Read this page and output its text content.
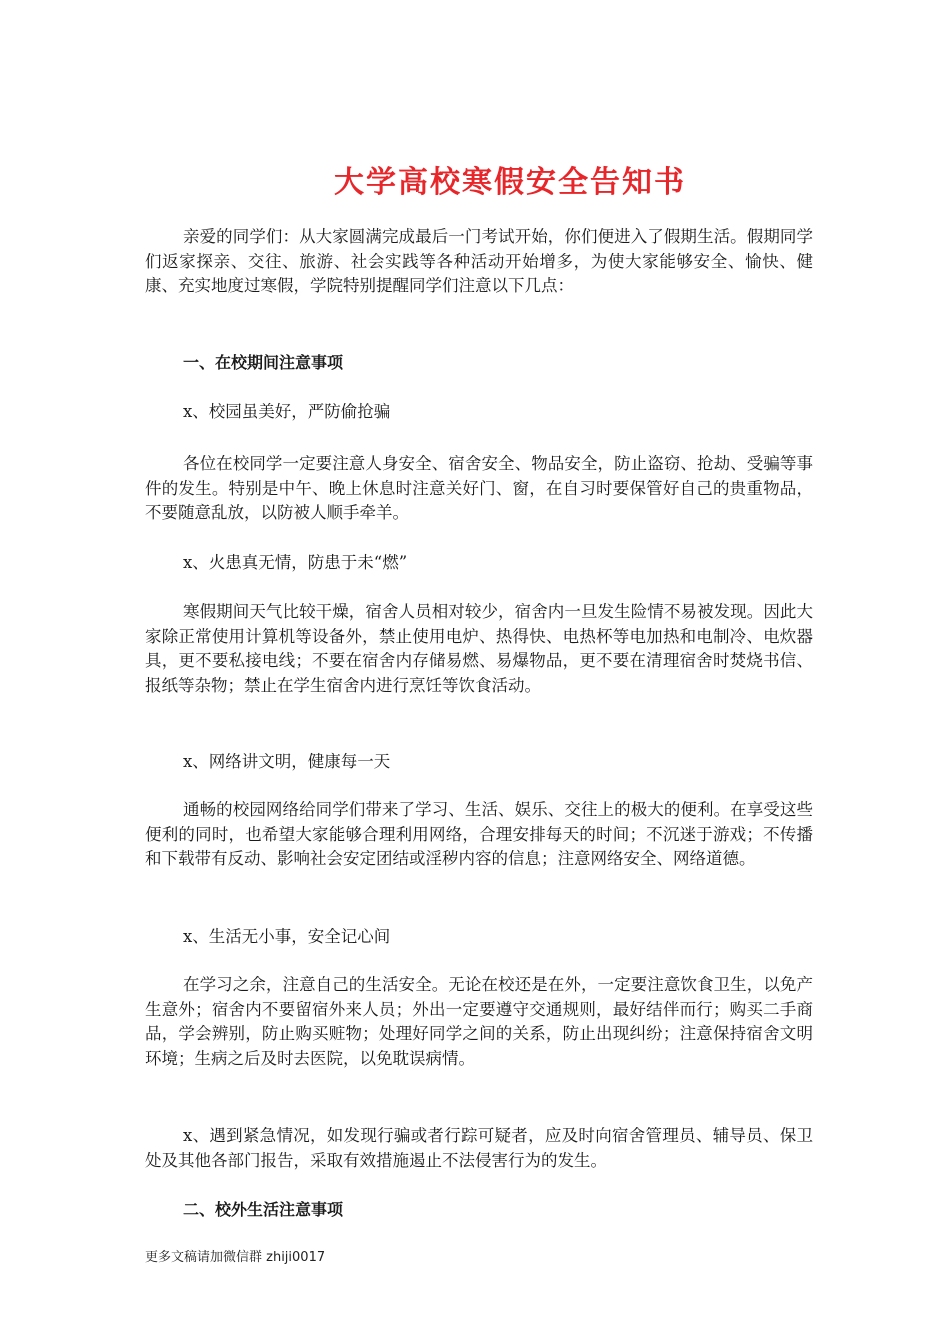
大学高校寒假安全告知书
亲爱的同学们：从大家圆满完成最后一门考试开始，你们便进入了假期生活。假期同学们返家探亲、交往、旅游、社会实践等各种活动开始增多，为使大家能够安全、愉快、健康、充实地度过寒假，学院特别提醒同学们注意以下几点：
一、在校期间注意事项
x、校园虽美好，严防偷抢骗
各位在校同学一定要注意人身安全、宿舍安全、物品安全，防止盗窃、抢劫、受骗等事件的发生。特别是中午、晚上休息时注意关好门、窗，在自习时要保管好自己的贵重物品，不要随意乱放，以防被人顺手牵羊。
x、火患真无情，防患于未“燃”
寒假期间天气比较干燥，宿舍人员相对较少，宿舍内一旦发生险情不易被发现。因此大家除正常使用计算机等设备外，禁止使用电炉、热得快、电热杯等电加热和电制冷、电炊器具，更不要私接电线；不要在宿舍内存储易燃、易爆物品，更不要在清理宿舍时焚烧书信、报纸等杂物；禁止在学生宿舍内进行烹饪等饮食活动。
x、网络讲文明，健康每一天
通畅的校园网络给同学们带来了学习、生活、娱乐、交往上的极大的便利。在享受这些便利的同时，也希望大家能够合理利用网络，合理安排每天的时间；不沉迷于游戏；不传播和下载带有反动、影响社会安定团结或淫秽内容的信息；注意网络安全、网络道德。
x、生活无小事，安全记心间
在学习之余，注意自己的生活安全。无论在校还是在外，一定要注意饮食卫生，以免产生意外；宿舍内不要留宿外来人员；外出一定要遵守交通规则，最好结伴而行；购买二手商品，学会辨别，防止购买赃物；处理好同学之间的关系，防止出现纠纷；注意保持宿舍文明环境；生病之后及时去医院，以免耽误病情。
x、遇到紧急情况，如发现行骗或者行踪可疑者，应及时向宿舍管理员、辅导员、保卫处及其他各部门报告，采取有效措施遏止不法侵害行为的发生。
二、校外生活注意事项
更多文稿请加微信群 zhiji0017
